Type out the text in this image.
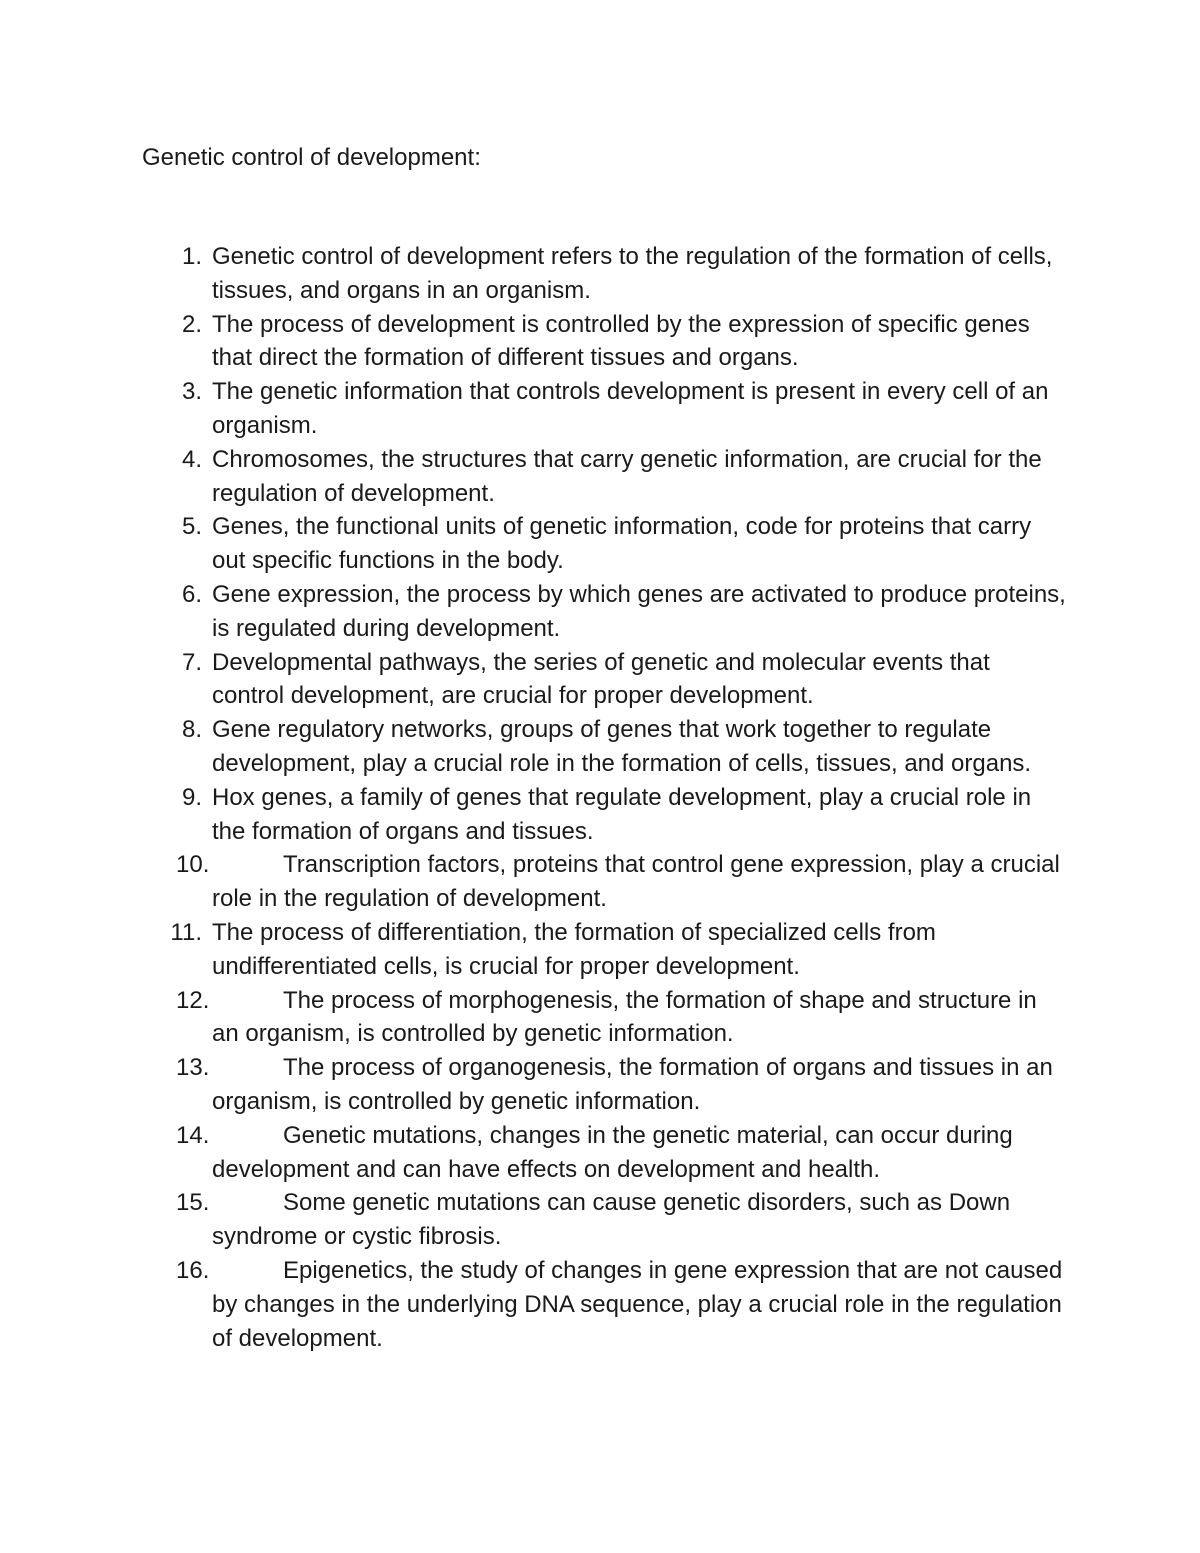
Genetic control of development:
1. Genetic control of development refers to the regulation of the formation of cells, tissues, and organs in an organism.
2. The process of development is controlled by the expression of specific genes that direct the formation of different tissues and organs.
3. The genetic information that controls development is present in every cell of an organism.
4. Chromosomes, the structures that carry genetic information, are crucial for the regulation of development.
5. Genes, the functional units of genetic information, code for proteins that carry out specific functions in the body.
6. Gene expression, the process by which genes are activated to produce proteins, is regulated during development.
7. Developmental pathways, the series of genetic and molecular events that control development, are crucial for proper development.
8. Gene regulatory networks, groups of genes that work together to regulate development, play a crucial role in the formation of cells, tissues, and organs.
9. Hox genes, a family of genes that regulate development, play a crucial role in the formation of organs and tissues.
10.	Transcription factors, proteins that control gene expression, play a crucial role in the regulation of development.
11. The process of differentiation, the formation of specialized cells from undifferentiated cells, is crucial for proper development.
12.	The process of morphogenesis, the formation of shape and structure in an organism, is controlled by genetic information.
13.	The process of organogenesis, the formation of organs and tissues in an organism, is controlled by genetic information.
14.	Genetic mutations, changes in the genetic material, can occur during development and can have effects on development and health.
15.	Some genetic mutations can cause genetic disorders, such as Down syndrome or cystic fibrosis.
16.	Epigenetics, the study of changes in gene expression that are not caused by changes in the underlying DNA sequence, play a crucial role in the regulation of development.
